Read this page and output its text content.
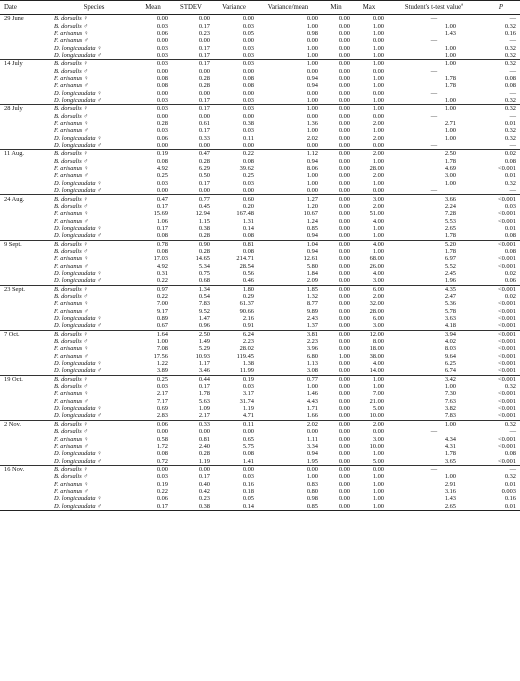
Date	Species	Mean	STDEV	Variance	Variance/mean	Min	Max	Student's t-test value$^a$	P
29 June	B. dorsalis ♀	0.00	0.00	0.00	0.00	0.00	0.00	—	—
	B. dorsalis ♂	0.03	0.17	0.03	1.00	0.00	1.00	1.00	0.32
	F. arisanus ♀	0.06	0.23	0.05	0.98	0.00	1.00	1.43	0.16
	F. arisanus ♂	0.00	0.00	0.00	0.00	0.00	0.00	—	—
	D. longicaudata ♀	0.03	0.17	0.03	1.00	0.00	1.00	1.00	0.32
	D. longicaudata ♂	0.03	0.17	0.03	1.00	0.00	1.00	1.00	0.32
14 July	B. dorsalis ♀	0.03	0.17	0.03	1.00	0.00	1.00	1.00	0.32
	B. dorsalis ♂	0.00	0.00	0.00	0.00	0.00	0.00	—	—
	F. arisanus ♀	0.08	0.28	0.08	0.94	0.00	1.00	1.78	0.08
	F. arisanus ♂	0.08	0.28	0.08	0.94	0.00	1.00	1.78	0.08
	D. longicaudata ♀	0.00	0.00	0.00	0.00	0.00	0.00	—	—
	D. longicaudata ♂	0.03	0.17	0.03	1.00	0.00	1.00	1.00	0.32
28 July	B. dorsalis ♀	0.03	0.17	0.03	1.00	0.00	1.00	1.00	0.32
	B. dorsalis ♂	0.00	0.00	0.00	0.00	0.00	0.00	—	—
	F. arisanus ♀	0.28	0.61	0.38	1.36	0.00	2.00	2.71	0.01
	F. arisanus ♂	0.03	0.17	0.03	1.00	0.00	1.00	1.00	0.32
	D. longicaudata ♀	0.06	0.33	0.11	2.02	0.00	2.00	1.00	0.32
	D. longicaudata ♂	0.00	0.00	0.00	0.00	0.00	0.00	—	—
11 Aug.	B. dorsalis ♀	0.19	0.47	0.22	1.12	0.00	2.00	2.50	0.02
	B. dorsalis ♂	0.08	0.28	0.08	0.94	0.00	1.00	1.78	0.08
	F. arisanus ♀	4.92	6.29	39.62	8.06	0.00	28.00	4.69	<0.001
	F. arisanus ♂	0.25	0.50	0.25	1.00	0.00	2.00	3.00	0.01
	D. longicaudata ♀	0.03	0.17	0.03	1.00	0.00	1.00	1.00	0.32
	D. longicaudata ♂	0.00	0.00	0.00	0.00	0.00	0.00	—	—
24 Aug.	B. dorsalis ♀	0.47	0.77	0.60	1.27	0.00	3.00	3.66	<0.001
	B. dorsalis ♂	0.17	0.45	0.20	1.20	0.00	2.00	2.24	0.03
	F. arisanus ♀	15.69	12.94	167.48	10.67	0.00	51.00	7.28	<0.001
	F. arisanus ♂	1.06	1.15	1.31	1.24	0.00	4.00	5.53	<0.001
	D. longicaudata ♀	0.17	0.38	0.14	0.85	0.00	1.00	2.65	0.01
	D. longicaudata ♂	0.08	0.28	0.08	0.94	0.00	1.00	1.78	0.08
9 Sept.	B. dorsalis ♀	0.78	0.90	0.81	1.04	0.00	4.00	5.20	<0.001
	B. dorsalis ♂	0.08	0.28	0.08	0.94	0.00	1.00	1.78	0.08
	F. arisanus ♀	17.03	14.65	214.71	12.61	0.00	68.00	6.97	<0.001
	F. arisanus ♂	4.92	5.34	28.54	5.80	0.00	26.00	5.52	<0.001
	D. longicaudata ♀	0.31	0.75	0.56	1.84	0.00	4.00	2.45	0.02
	D. longicaudata ♂	0.22	0.68	0.46	2.09	0.00	3.00	1.96	0.06
23 Sept.	B. dorsalis ♀	0.97	1.34	1.80	1.85	0.00	6.00	4.35	<0.001
	B. dorsalis ♂	0.22	0.54	0.29	1.32	0.00	2.00	2.47	0.02
	F. arisanus ♀	7.00	7.83	61.37	8.77	0.00	32.00	5.36	<0.001
	F. arisanus ♂	9.17	9.52	90.66	9.89	0.00	28.00	5.78	<0.001
	D. longicaudata ♀	0.89	1.47	2.16	2.43	0.00	6.00	3.63	<0.001
	D. longicaudata ♂	0.67	0.96	0.91	1.37	0.00	3.00	4.18	<0.001
7 Oct.	B. dorsalis ♀	1.64	2.50	6.24	3.81	0.00	12.00	3.94	<0.001
	B. dorsalis ♂	1.00	1.49	2.23	2.23	0.00	8.00	4.02	<0.001
	F. arisanus ♀	7.08	5.29	28.02	3.96	0.00	18.00	8.03	<0.001
	F. arisanus ♂	17.56	10.93	119.45	6.80	1.00	38.00	9.64	<0.001
	D. longicaudata ♀	1.22	1.17	1.38	1.13	0.00	4.00	6.25	<0.001
	D. longicaudata ♂	3.89	3.46	11.99	3.08	0.00	14.00	6.74	<0.001
19 Oct.	B. dorsalis ♀	0.25	0.44	0.19	0.77	0.00	1.00	3.42	<0.001
	B. dorsalis ♂	0.03	0.17	0.03	1.00	0.00	1.00	1.00	0.32
	F. arisanus ♀	2.17	1.78	3.17	1.46	0.00	7.00	7.30	<0.001
	F. arisanus ♂	7.17	5.63	31.74	4.43	0.00	21.00	7.63	<0.001
	D. longicaudata ♀	0.69	1.09	1.19	1.71	0.00	5.00	3.82	<0.001
	D. longicaudata ♂	2.83	2.17	4.71	1.66	0.00	10.00	7.83	<0.001
2 Nov.	B. dorsalis ♀	0.06	0.33	0.11	2.02	0.00	2.00	1.00	0.32
	B. dorsalis ♂	0.00	0.00	0.00	0.00	0.00	0.00	—	—
	F. arisanus ♀	0.58	0.81	0.65	1.11	0.00	3.00	4.34	<0.001
	F. arisanus ♂	1.72	2.40	5.75	3.34	0.00	10.00	4.31	<0.001
	D. longicaudata ♀	0.08	0.28	0.08	0.94	0.00	1.00	1.78	0.08
	D. longicaudata ♂	0.72	1.19	1.41	1.95	0.00	5.00	3.65	<0.001
16 Nov.	B. dorsalis ♀	0.00	0.00	0.00	0.00	0.00	0.00	—	—
	B. dorsalis ♂	0.03	0.17	0.03	1.00	0.00	1.00	1.00	0.32
	F. arisanus ♀	0.19	0.40	0.16	0.83	0.00	1.00	2.91	0.01
	F. arisanus ♂	0.22	0.42	0.18	0.80	0.00	1.00	3.16	0.003
	D. longicaudata ♀	0.06	0.23	0.05	0.98	0.00	1.00	1.43	0.16
	D. longicaudata ♂	0.17	0.38	0.14	0.85	0.00	1.00	2.65	0.01
